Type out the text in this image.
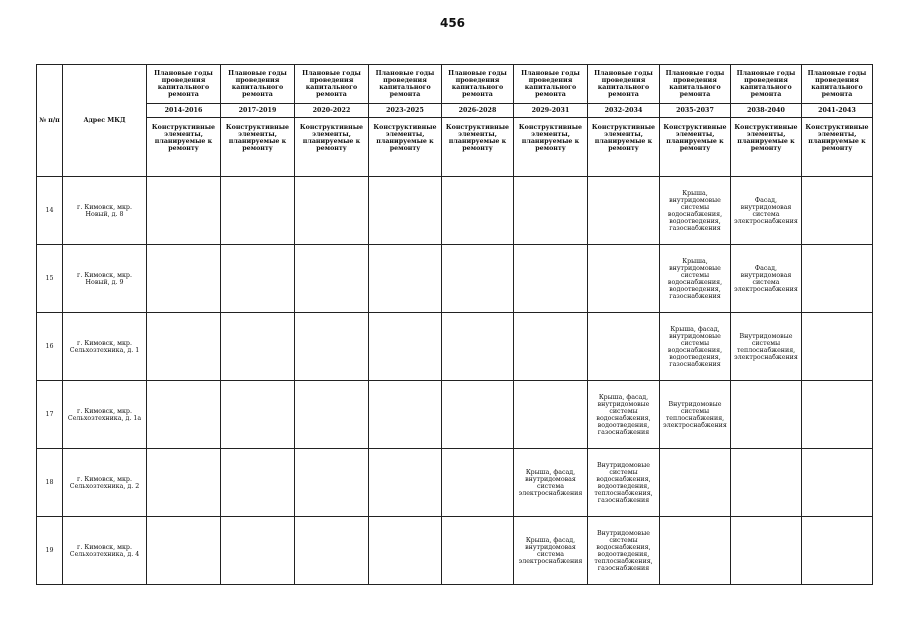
456
№ п/п	Адрес МКД	Плановые годы проведения капитального ремонта	Плановые годы проведения капитального ремонта	Плановые годы проведения капитального ремонта	Плановые годы проведения капитального ремонта	Плановые годы проведения капитального ремонта	Плановые годы проведения капитального ремонта	Плановые годы проведения капитального ремонта	Плановые годы проведения капитального ремонта	Плановые годы проведения капитального ремонта	Плановые годы проведения капитального ремонта
		2014-2016	2017-2019	2020-2022	2023-2025	2026-2028	2029-2031	2032-2034	2035-2037	2038-2040	2041-2043
		Конструктивные элементы, планируемые к ремонту	Конструктивные элементы, планируемые к ремонту	Конструктивные элементы, планируемые к ремонту	Конструктивные элементы, планируемые к ремонту	Конструктивные элементы, планируемые к ремонту	Конструктивные элементы, планируемые к ремонту	Конструктивные элементы, планируемые к ремонту	Конструктивные элементы, планируемые к ремонту	Конструктивные элементы, планируемые к ремонту	Конструктивные элементы, планируемые к ремонту
14	г. Кимовск, мкр. Новый, д. 8								Крыша, внутридомовые системы водоснабжения, водоотведения, газоснабжения	Фасад, внутридомовая система электроснабжения	
15	г. Кимовск, мкр. Новый, д. 9								Крыша, внутридомовые системы водоснабжения, водоотведения, газоснабжения	Фасад, внутридомовая система электроснабжения	
16	г. Кимовск, мкр. Сельхозтехника, д. 1								Крыша, фасад, внутридомовые системы водоснабжения, водоотведения, газоснабжения	Внутридомовые системы теплоснабжения, электроснабжения	
17	г. Кимовск, мкр. Сельхозтехника, д. 1а							Крыша, фасад, внутридомовые системы водоснабжения, водоотведения, газоснабжения	Внутридомовые системы теплоснабжения, электроснабжения		
18	г. Кимовск, мкр. Сельхозтехника, д. 2						Крыша, фасад, внутридомовая система электроснабжения	Внутридомовые системы водоснабжения, водоотведения, теплоснабжения, газоснабжения			
19	г. Кимовск, мкр. Сельхозтехника, д. 4						Крыша, фасад, внутридомовая система электроснабжения	Внутридомовые системы водоснабжения, водоотведения, теплоснабжения, газоснабжения			
